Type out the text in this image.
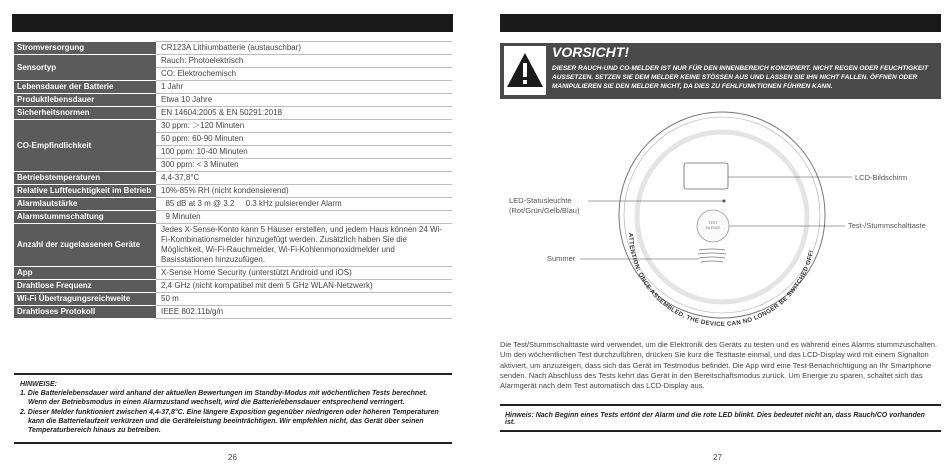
Stromversorgung	CR123A Lithiumbatterie (austauschbar)
Sensortyp	Rauch: Photoelektrisch
	CO: Elektrochemisch
Lebensdauer der Batterie	1 Jahr
Produktlebensdauer	Etwa 10 Jahre
Sicherheitsnormen	EN 14604:2005 & EN 50291:2018
CO-Empfindlichkeit	30 ppm: ＞120 Minuten
	50 ppm: 60-90 Minuten
	100 ppm: 10-40 Minuten
	300 ppm: < 3 Minuten
Betriebstemperaturen	4,4-37,8°C
Relative Luftfeuchtigkeit im Betrieb	10%-85% RH (nicht kondensierend)
Alarmlautstärke	85 dB at 3 m @ 3.2     0.3 kHz pulsierender Alarm
Alarmstummschaltung	9 Minuten
Anzahl der zugelassenen Geräte	Jedes X-Sense-Konto kann 5 Häuser erstellen, und jedem Haus können 24 Wi-Fi-Kombinationsmelder hinzugefügt werden. Zusätzlich haben Sie die Möglichkeit, Wi-Fi-Rauchmelder, Wi-Fi-Kohlenmonoxidmelder und Basisstationen hinzuzufügen.
App	X-Sense Home Security (unterstützt Android und iOS)
Drahtlose Frequenz	2,4 GHz (nicht kompatibel mit dem 5 GHz WLAN-Netzwerk)
Wi-Fi Übertragungsreichweite	50 m
Drahtloses Protokoll	IEEE 802.11b/g/n

HINWEISE:

1. Die Batterielebensdauer wird anhand der aktuellen Bewertungen im Standby-Modus mit wöchentlichen Tests berechnet. Wenn der Betriebsmodus in einen Alarmzustand wechselt, wird die Batterielebensdauer entsprechend verringert.

2. Dieser Melder funktioniert zwischen 4,4-37,8°C. Eine längere Exposition gegenüber niedrigeren oder höheren Temperaturen kann die Batterielaufzeit verkürzen und die Geräteleistung beeinträchtigen. Wir empfehlen nicht, das Gerät über seinen Temperaturbereich hinaus zu betreiben.

26	27
VORSICHT!
DIESER RAUCH-UND CO-MELDER IST NUR FÜR DEN INNENBEREICH KONZIPIERT. NICHT REGEN ODER FEUCHTIGKEIT AUSSETZEN. SETZEN SIE DEM MELDER KEINE STÖSSEN AUS UND LASSEN SIE IHN NICHT FALLEN. ÖFFNEN ODER MANIPULIEREN SIE DEN MELDER NICHT, DA DIES ZU FEHLFUNKTIONEN FÜHREN KANN.
ATTENTION: ONCE ASSEMBLED, THE DEVICE CAN NO LONGER BE SWITCHED OFF!
TEST
SILENCE
LCD-Bildschirm
LED-Statusleuchte
(Rot/Grün/Gelb/Blau)
Test-/Stummschalttaste
Summer

Die Test/Stummschalttaste wird verwendet, um die Elektronik des Geräts zu testen und es während eines Alarms stummzuschalten. Um den wöchentlichen Test durchzuführen, drücken Sie kurz die Testtaste einmal, und das LCD-Display wird mit einem Signalton aktiviert, um anzuzeigen, dass sich das Gerät im Testmodus befindet. Die App wird eine Test-Benachrichtigung an Ihr Smartphone senden. Nach Abschluss des Tests kehrt das Gerät in den Bereitschaftsmodus zurück. Um Energie zu sparen, schaltet sich das Alarmgerät nach dem Test automatisch das LCD-Display aus.

Hinweis: Nach Beginn eines Tests ertönt der Alarm und die rote LED blinkt. Dies bedeutet nicht an, dass Rauch/CO vorhanden ist.
